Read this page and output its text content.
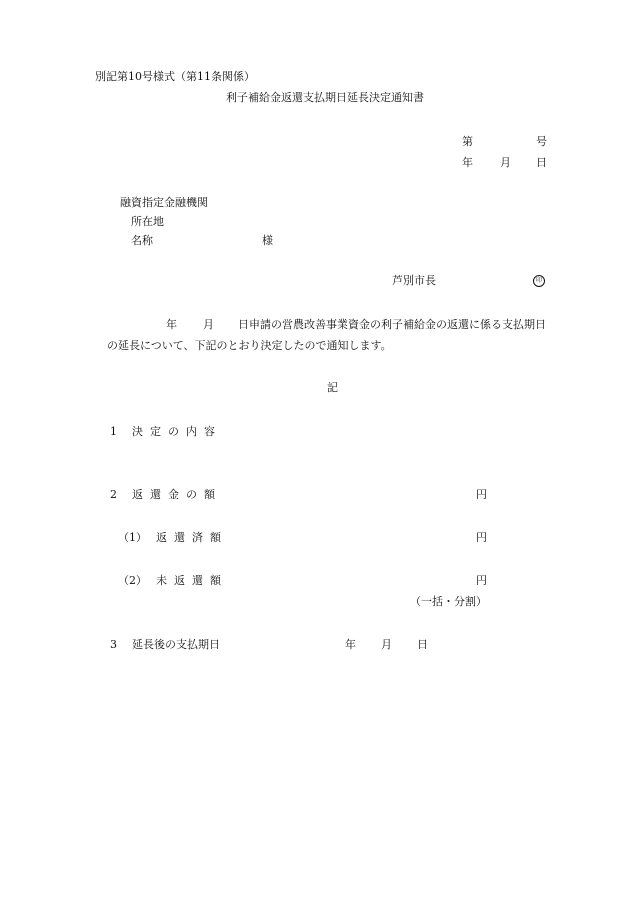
別記第10号様式（第11条関係）
利子補給金返還支払期日延長決定通知書
第	号
年 月 日
融資指定金融機関
所在地
名称	様
芦別市長	印
年 月 日申請の営農改善事業資金の利子補給金の返還に係る支払期日
の延長について、下記のとおり決定したので通知します。
記
1 決定の内容
2 返還金の額	円
（1） 返還済額	円
（2） 未返還額	円
（一括・分割）
3 延長後の支払期日	年 月 日
